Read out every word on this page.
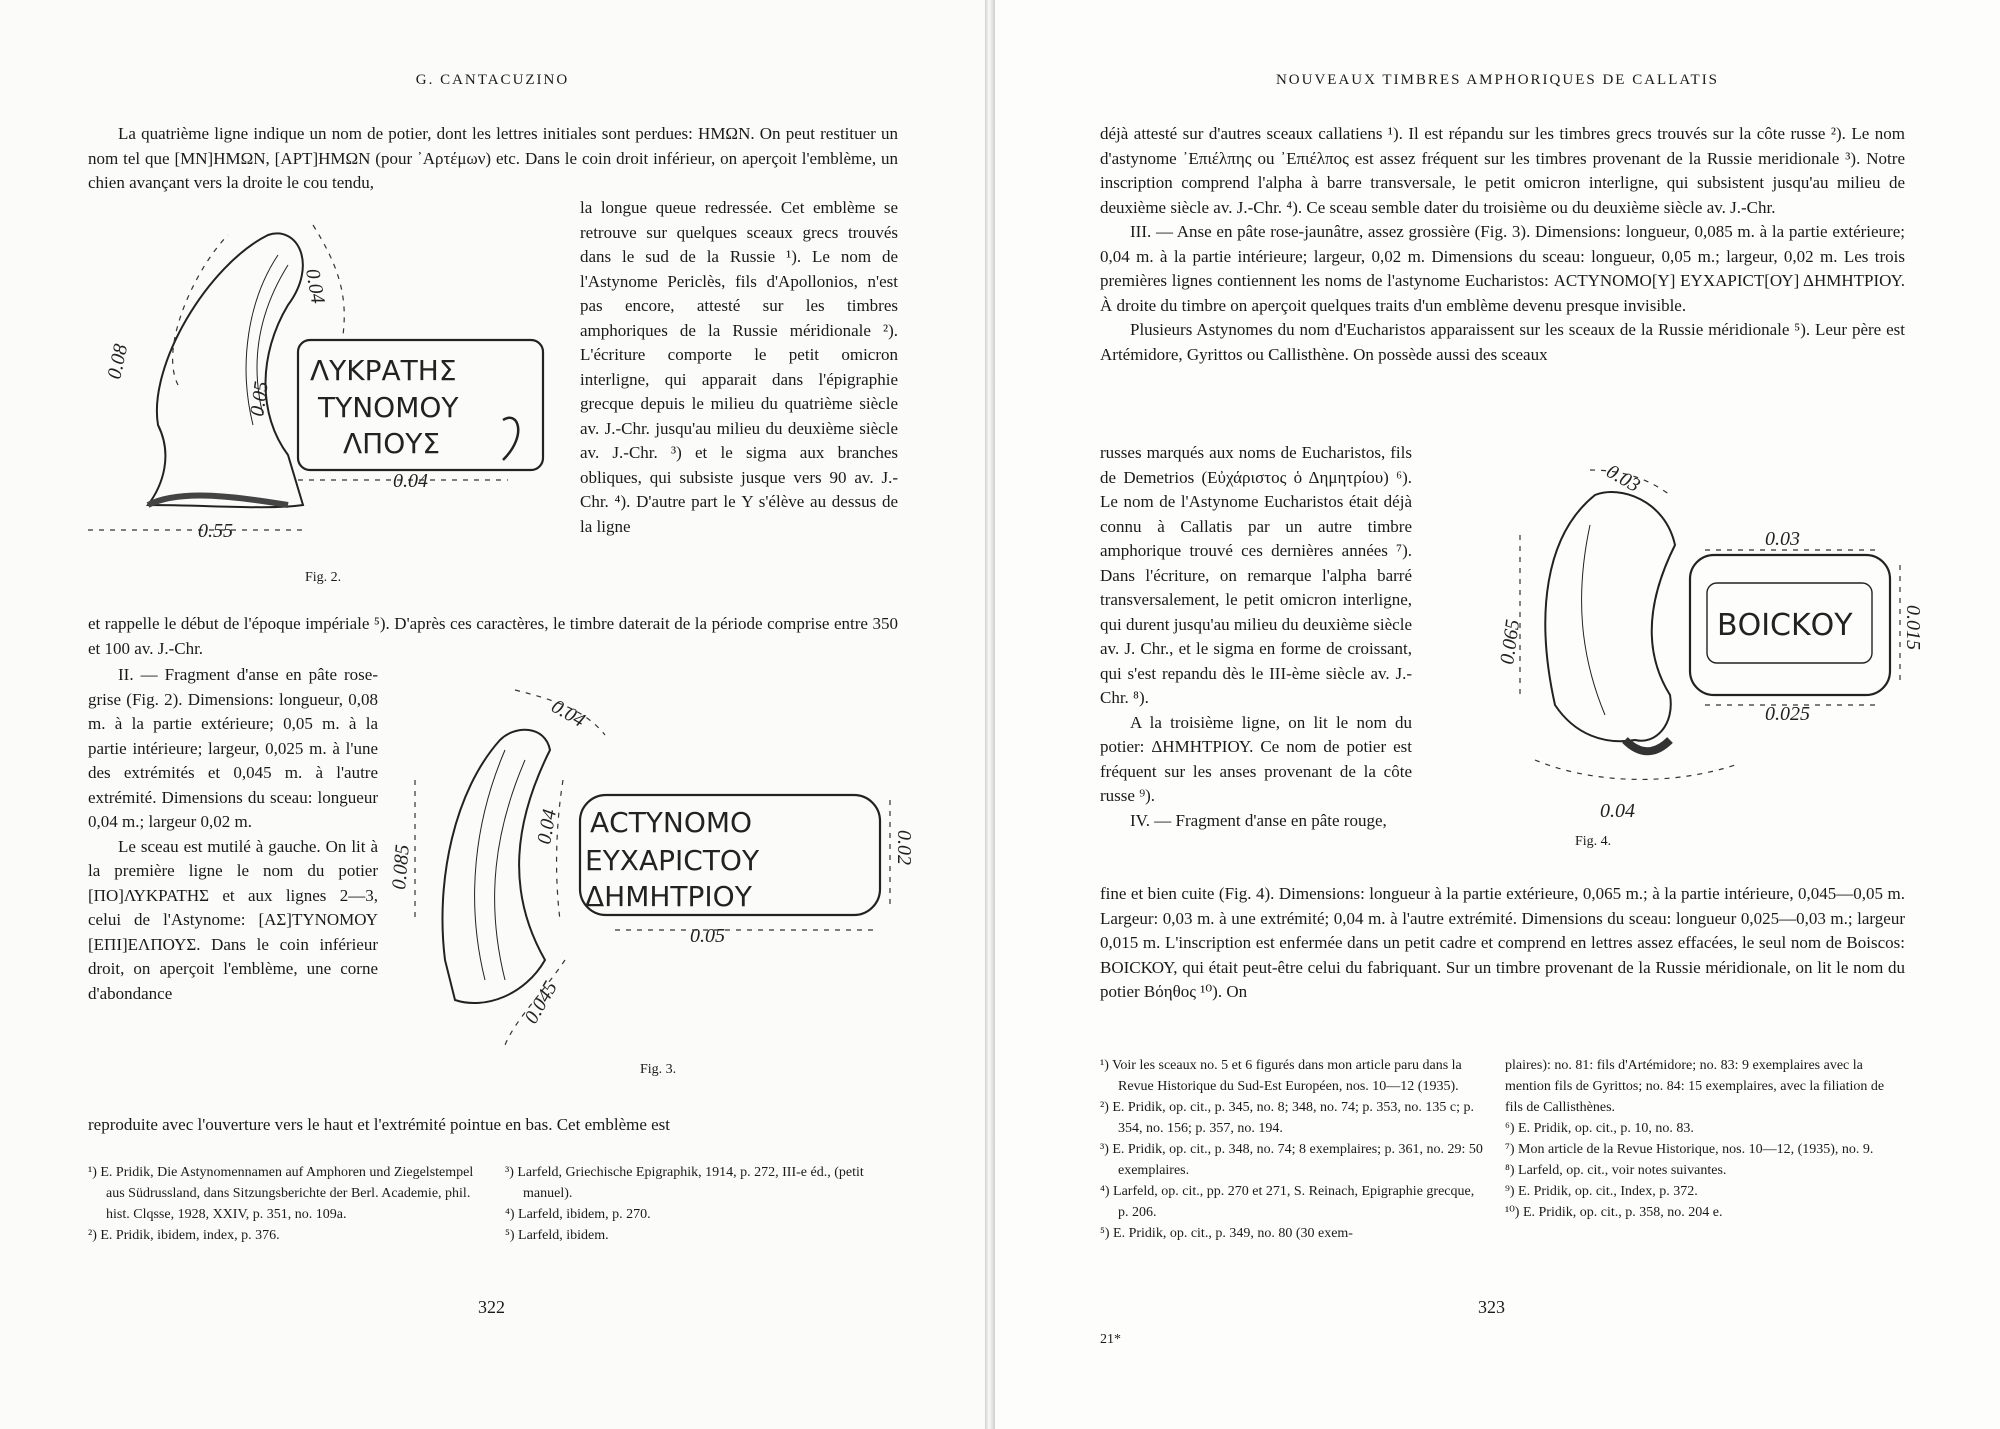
G. CANTACUZINO

La quatrième ligne indique un nom de potier, dont les lettres initiales sont perdues: ΗΜΩΝ. On peut restituer un nom tel que [ΜΝ]ΗΜΩΝ, [ΑΡΤ]ΗΜΩΝ (pour ᾽Αρτέμων) etc. Dans le coin droit inférieur, on aperçoit l'emblème, un chien avançant vers la droite le cou tendu,

ΛΥΚΡΑΤΗΣ
ΤΥΝΟΜΟΥ
ΛΠΟΥΣ
0.08
0.04
0.05
0.04
0.55
Fig. 2.
la longue queue redressée. Cet emblème se retrouve sur quelques sceaux grecs trouvés dans le sud de la Russie ¹). Le nom de l'Astynome Periclès, fils d'Apollonios, n'est pas encore, attesté sur les timbres amphoriques de la Russie méridionale ²). L'écriture comporte le petit omicron interligne, qui apparait dans l'épigraphie grecque depuis le milieu du quatrième siècle av. J.-Chr. jusqu'au milieu du deuxième siècle av. J.-Chr. ³) et le sigma aux branches obliques, qui subsiste jusque vers 90 av. J.-Chr. ⁴). D'autre part le Υ s'élève au dessus de la ligne
et rappelle le début de l'époque impériale ⁵). D'après ces caractères, le timbre daterait de la période comprise entre 350 et 100 av. J.-Chr.

II. — Fragment d'anse en pâte rose-grise (Fig. 2). Dimensions: longueur, 0,08 m. à la partie extérieure; 0,05 m. à la partie intérieure; largeur, 0,025 m. à l'une des extrémités et 0,045 m. à l'autre extrémité. Dimensions du sceau: longueur 0,04 m.; largeur 0,02 m.

Le sceau est mutilé à gauche. On lit à la première ligne le nom du potier [ΠΟ]ΛΥΚΡΑΤΗΣ et aux lignes 2—3, celui de l'Astynome: [ΑΣ]ΤΥΝΟΜΟΥ [ΕΠΙ]ΕΛΠΟΥΣ. Dans le coin inférieur droit, on aperçoit l'emblème, une corne d'abondance

ΑϹΤΥΝΟΜΟ
ΕΥΧΑΡΙϹΤΟΥ
ΔΗΜΗΤΡΙΟΥ
0.04
0.085
0.04
0.02
0.05
0.045
Fig. 3.
reproduite avec l'ouverture vers le haut et l'extrémité pointue en bas. Cet emblème est

¹) E. Pridik, Die Astynomennamen auf Amphoren und Ziegelstempel aus Südrussland, dans Sitzungsberichte der Berl. Academie, phil. hist. Clqsse, 1928, XXIV, p. 351, no. 109a.

²) E. Pridik, ibidem, index, p. 376.

³) Larfeld, Griechische Epigraphik, 1914, p. 272, III-e éd., (petit manuel).

⁴) Larfeld, ibidem, p. 270.

⁵) Larfeld, ibidem.

322
NOUVEAUX TIMBRES AMPHORIQUES DE CALLATIS

déjà attesté sur d'autres sceaux callatiens ¹). Il est répandu sur les timbres grecs trouvés sur la côte russe ²). Le nom d'astynome ᾽Επιέλπης ou ᾽Επιέλπος est assez fréquent sur les timbres provenant de la Russie meridionale ³). Notre inscription comprend l'alpha à barre transversale, le petit omicron interligne, qui subsistent jusqu'au milieu de deuxième siècle av. J.-Chr. ⁴). Ce sceau semble dater du troisième ou du deuxième siècle av. J.-Chr.

III. — Anse en pâte rose-jaunâtre, assez grossière (Fig. 3). Dimensions: longueur, 0,085 m. à la partie extérieure; 0,04 m. à la partie intérieure; largeur, 0,02 m. Dimensions du sceau: longueur, 0,05 m.; largeur, 0,02 m. Les trois premières lignes contiennent les noms de l'astynome Eucharistos: ΑϹΤΥΝΟΜΟ[Υ] ΕΥΧΑΡΙϹΤ[ΟΥ] ΔΗΜΗΤΡΙΟΥ. À droite du timbre on aperçoit quelques traits d'un emblème devenu presque invisible.

Plusieurs Astynomes du nom d'Eucharistos apparaissent sur les sceaux de la Russie méridionale ⁵). Leur père est Artémidore, Gyrittos ou Callisthène. On possède aussi des sceaux

russes marqués aux noms de Eucharistos, fils de Demetrios (Εὐχάριστος ὁ Δημητρίου) ⁶). Le nom de l'Astynome Eucharistos était déjà connu à Callatis par un autre timbre amphorique trouvé ces dernières années ⁷). Dans l'écriture, on remarque l'alpha barré transversalement, le petit omicron interligne, qui durent jusqu'au milieu du deuxième siècle av. J. Chr., et le sigma en forme de croissant, qui s'est repandu dès le III-ème siècle av. J.-Chr. ⁸).

A la troisième ligne, on lit le nom du potier: ΔΗΜΗΤΡΙΟΥ. Ce nom de potier est fréquent sur les anses provenant de la côte russe ⁹).

IV. — Fragment d'anse en pâte rouge,

ΒΟΙϹΚΟΥ
0.03
0.065
0.03
0.015
0.025
0.04
Fig. 4.
fine et bien cuite (Fig. 4). Dimensions: longueur à la partie extérieure, 0,065 m.; à la partie intérieure, 0,045—0,05 m. Largeur: 0,03 m. à une extrémité; 0,04 m. à l'autre extrémité. Dimensions du sceau: longueur 0,025—0,03 m.; largeur 0,015 m. L'inscription est enfermée dans un petit cadre et comprend en lettres assez effacées, le seul nom de Boiscos: ΒΟΙϹΚΟΥ, qui était peut-être celui du fabriquant. Sur un timbre provenant de la Russie méridionale, on lit le nom du potier Βόηθος ¹⁰). On

¹) Voir les sceaux no. 5 et 6 figurés dans mon article paru dans la Revue Historique du Sud-Est Européen, nos. 10—12 (1935).

²) E. Pridik, op. cit., p. 345, no. 8; 348, no. 74; p. 353, no. 135 c; p. 354, no. 156; p. 357, no. 194.

³) E. Pridik, op. cit., p. 348, no. 74; 8 exemplaires; p. 361, no. 29: 50 exemplaires.

⁴) Larfeld, op. cit., pp. 270 et 271, S. Reinach, Epigraphie grecque, p. 206.

⁵) E. Pridik, op. cit., p. 349, no. 80 (30 exem-

plaires): no. 81: fils d'Artémidore; no. 83: 9 exemplaires avec la mention fils de Gyrittos; no. 84: 15 exemplaires, avec la filiation de fils de Callisthènes.

⁶) E. Pridik, op. cit., p. 10, no. 83.

⁷) Mon article de la Revue Historique, nos. 10—12, (1935), no. 9.

⁸) Larfeld, op. cit., voir notes suivantes.

⁹) E. Pridik, op. cit., Index, p. 372.

¹⁰) E. Pridik, op. cit., p. 358, no. 204 e.

323
21*
